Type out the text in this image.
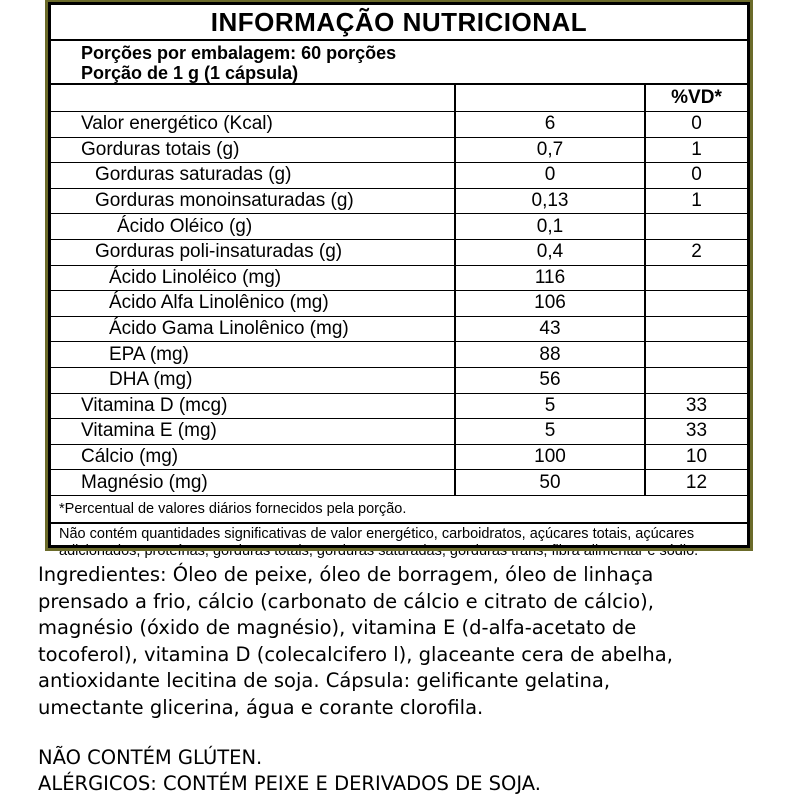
INFORMAÇÃO NUTRICIONAL
Porções por embalagem: 60 porções
Porção de 1 g (1 cápsula)
		%VD*
Valor energético (Kcal)	6	0
Gorduras totais (g)	0,7	1
Gorduras saturadas (g)	0	0
Gorduras monoinsaturadas (g)	0,13	1
Ácido Oléico (g)	0,1	
Gorduras poli-insaturadas (g)	0,4	2
Ácido Linoléico (mg)	116	
Ácido Alfa Linolênico (mg)	106	
Ácido Gama Linolênico (mg)	43	
EPA (mg)	88	
DHA (mg)	56	
Vitamina D (mcg)	5	33
Vitamina E (mg)	5	33
Cálcio (mg)	100	10
Magnésio (mg)	50	12
*Percentual de valores diários fornecidos pela porção.
Não contém quantidades significativas de valor energético, carboidratos, açúcares totais, açúcares adicionados, proteínas, gorduras totais, gorduras saturadas, gorduras trans, fibra alimentar e sódio.
Ingredientes: Óleo de peixe, óleo de borragem, óleo de linhaça
prensado a frio, cálcio (carbonato de cálcio e citrato de cálcio),
magnésio (óxido de magnésio), vitamina E (d-alfa-acetato de
tocoferol), vitamina D (colecalcifero l), glaceante cera de abelha,
antioxidante lecitina de soja. Cápsula: gelificante gelatina,
umectante glicerina, água e corante clorofila.
NÃO CONTÉM GLÚTEN.
ALÉRGICOS: CONTÉM PEIXE E DERIVADOS DE SOJA.
